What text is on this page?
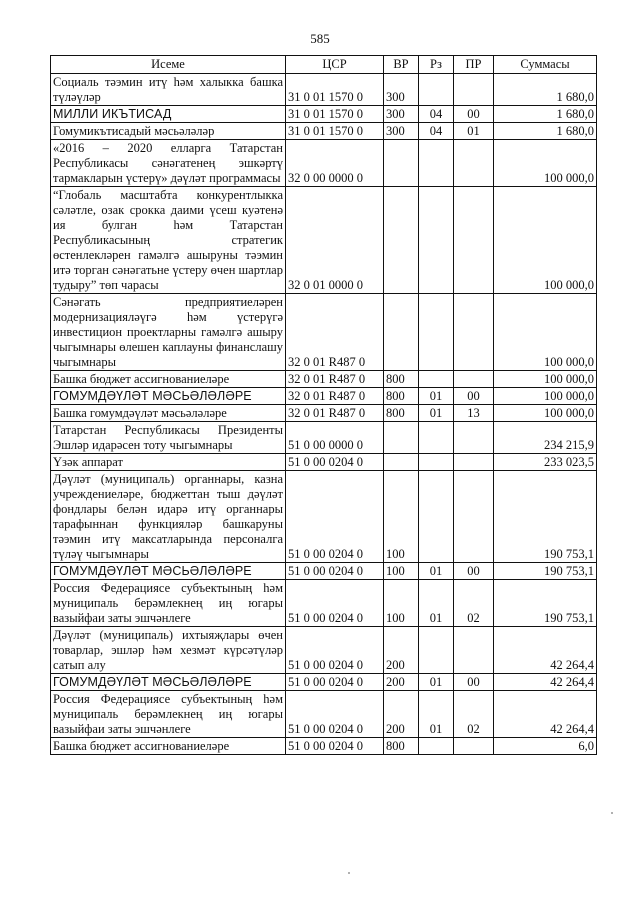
585
Исеме	ЦСР	ВР	Рз	ПР	Суммасы
Социаль тәэмин итү һәм халыкка башка түләүләр	31 0 01 1570 0	300			1 680,0
МИЛЛИ ИКЪТИСАД	31 0 01 1570 0	300	04	00	1 680,0
Гомумикътисадый мәсьәләләр	31 0 01 1570 0	300	04	01	1 680,0
«2016 – 2020 елларга Татарстан Республикасы сәнәгатенең эшкәртү тармакларын үстерү» дәүләт программасы	32 0 00 0000 0				100 000,0
“Глобаль масштабта конкурентлыкка сәләтле, озак срокка даими үсеш куәтенә ия булган һәм Татарстан Республикасының стратегик өстенлекләрен гамәлгә ашыруны тәэмин итә торган сәнәгатьне үстеру өчен шартлар тудыру” төп чарасы	32 0 01 0000 0				100 000,0
Сәнәгать предприятиеләрен модернизацияләүгә һәм үстерүгә инвестицион проектларны гамәлгә ашыру чыгымнары өлешен каплауны финанслашу чыгымнары	32 0 01 R487 0				100 000,0
Башка бюджет ассигнованиеләре	32 0 01 R487 0	800			100 000,0
ГОМУМДӘҮЛӘТ МӘСЬӘЛӘЛӘРЕ	32 0 01 R487 0	800	01	00	100 000,0
Башка гомумдәүләт мәсьәләләре	32 0 01 R487 0	800	01	13	100 000,0
Татарстан Республикасы Президенты Эшләр идарәсен тоту чыгымнары	51 0 00 0000 0				234 215,9
Үзәк аппарат	51 0 00 0204 0				233 023,5
Дәүләт (муниципаль) органнары, казна учреждениеләре, бюджеттан тыш дәүләт фондлары белән идарә итү органнары тарафыннан функцияләр башкаруны тәэмин итү максатларында персоналга түләү чыгымнары	51 0 00 0204 0	100			190 753,1
ГОМУМДӘҮЛӘТ МӘСЬӘЛӘЛӘРЕ	51 0 00 0204 0	100	01	00	190 753,1
Россия Федерациясе субъектының һәм муниципаль берәмлекнең иң югары вазыйфаи заты эшчәнлеге	51 0 00 0204 0	100	01	02	190 753,1
Дәүләт (муниципаль) ихтыяҗлары өчен товарлар, эшләр һәм хезмәт күрсәтүләр сатып алу	51 0 00 0204 0	200			42 264,4
ГОМУМДӘҮЛӘТ МӘСЬӘЛӘЛӘРЕ	51 0 00 0204 0	200	01	00	42 264,4
Россия Федерациясе субъектының һәм муниципаль берәмлекнең иң югары вазыйфаи заты эшчәнлеге	51 0 00 0204 0	200	01	02	42 264,4
Башка бюджет ассигнованиеләре	51 0 00 0204 0	800			6,0
